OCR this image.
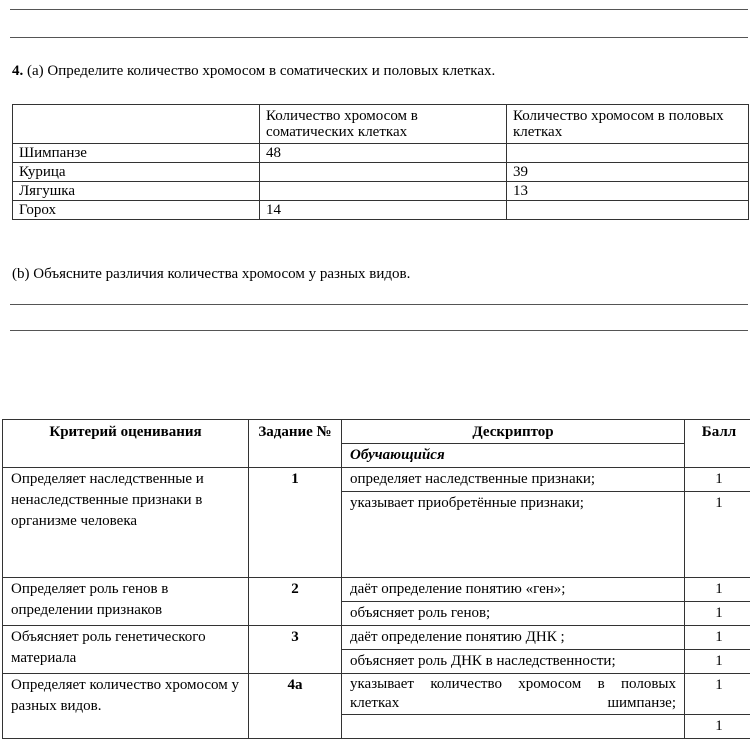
4. (a) Определите количество хромосом в соматических и половых клетках.
	Количество хромосом в соматических клетках	Количество хромосом в половых клетках
Шимпанзе	48	
Курица		39
Лягушка		13
Горох	14	
(b) Объясните различия количества хромосом у разных видов.
Критерий оценивания	Задание №	Дескриптор	Балл
		Обучающийся	
Определяет наследственные и ненаследственные признаки в организме человека	1	определяет наследственные признаки;	1
		указывает приобретённые признаки;	1
Определяет роль генов в определении признаков	2	даёт определение понятию «ген»;	1
		объясняет роль генов;	1
Объясняет роль генетического материала	3	даёт определение понятию ДНК ;	1
		объясняет роль ДНК в наследственности;	1
Определяет количество хромосом у разных видов.	4a	указывает количество хромосом в половых клетках шимпанзе;	1
			1
